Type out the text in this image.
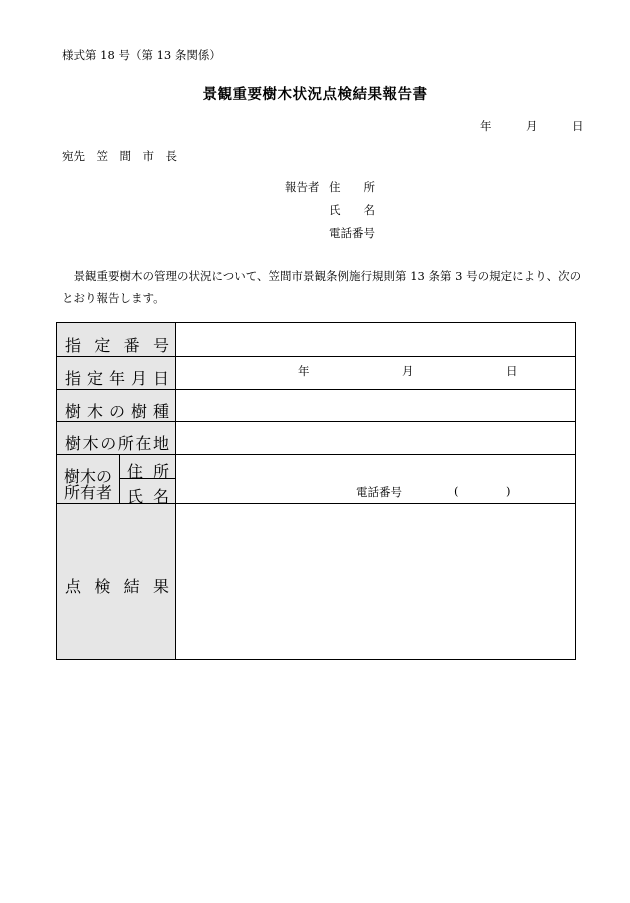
様式第 18 号（第 13 条関係）
景観重要樹木状況点検結果報告書
年	月	日
宛先　笠　間　市　長
報告者 住　　所
氏　　名
電話番号
景観重要樹木の管理の状況について、笠間市景観条例施行規則第 13 条第 3 号の規定により、次のとおり報告します。
指 定 番 号
指 定 年 月 日	年	月	日
樹 木 の 樹 種
樹 木 の 所 在 地
樹 木 の
所 有 者
住 所
氏 名	電話番号	(	)
点 検 結 果
